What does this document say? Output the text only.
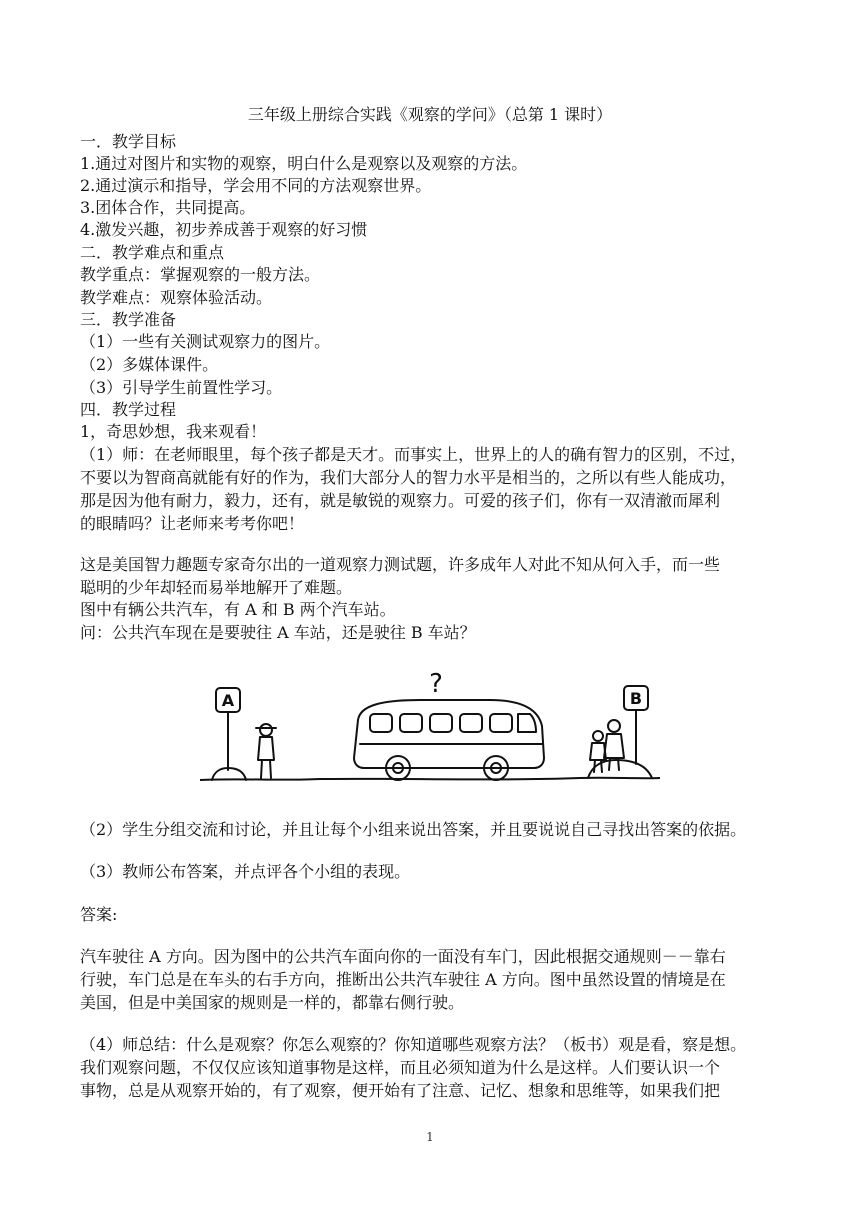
三年级上册综合实践《观察的学问》（总第 1 课时）
一．教学目标
1.通过对图片和实物的观察，明白什么是观察以及观察的方法。
2.通过演示和指导，学会用不同的方法观察世界。
3.团体合作，共同提高。
4.激发兴趣，初步养成善于观察的好习惯
二．教学难点和重点
教学重点：掌握观察的一般方法。
教学难点：观察体验活动。
三．教学准备
（1）一些有关测试观察力的图片。
（2）多媒体课件。
（3）引导学生前置性学习。
四．教学过程
1，奇思妙想，我来观看！
（1）师：在老师眼里，每个孩子都是天才。而事实上，世界上的人的确有智力的区别，不过，
不要以为智商高就能有好的作为，我们大部分人的智力水平是相当的，之所以有些人能成功，
那是因为他有耐力，毅力，还有，就是敏锐的观察力。可爱的孩子们，你有一双清澈而犀利
的眼睛吗？让老师来考考你吧！
这是美国智力趣题专家奇尔出的一道观察力测试题，许多成年人对此不知从何入手，而一些
聪明的少年却轻而易举地解开了难题。
图中有辆公共汽车，有 A 和 B 两个汽车站。
问：公共汽车现在是要驶往 A 车站，还是驶往 B 车站？
A	B
?
（2）学生分组交流和讨论，并且让每个小组来说出答案，并且要说说自己寻找出答案的依据。
（3）教师公布答案，并点评各个小组的表现。
答案:
汽车驶往 A 方向。因为图中的公共汽车面向你的一面没有车门，因此根据交通规则－－靠右
行驶，车门总是在车头的右手方向，推断出公共汽车驶往 A 方向。图中虽然设置的情境是在
美国，但是中美国家的规则是一样的，都靠右侧行驶。
（4）师总结：什么是观察？你怎么观察的？你知道哪些观察方法？（板书）观是看，察是想。
我们观察问题，不仅仅应该知道事物是这样，而且必须知道为什么是这样。人们要认识一个
事物，总是从观察开始的，有了观察，便开始有了注意、记忆、想象和思维等，如果我们把
1
